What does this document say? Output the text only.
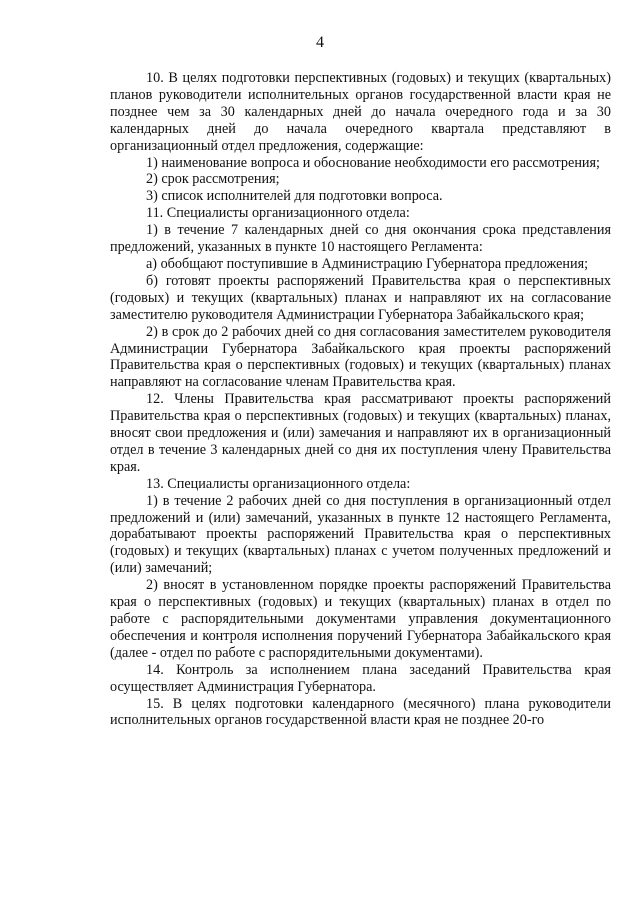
4

10. В целях подготовки перспективных (годовых) и текущих (квартальных) планов руководители исполнительных органов государственной власти края не позднее чем за 30 календарных дней до начала очередного года и за 30 календарных дней до начала очередного квартала представляют в организационный отдел предложения, содержащие:

1) наименование вопроса и обоснование необходимости его рассмотрения;

2) срок рассмотрения;

3) список исполнителей для подготовки вопроса.

11. Специалисты организационного отдела:

1) в течение 7 календарных дней со дня окончания срока представления предложений, указанных в пункте 10 настоящего Регламента:

а) обобщают поступившие в Администрацию Губернатора предложения;

б) готовят проекты распоряжений Правительства края о перспективных (годовых) и текущих (квартальных) планах и направляют их на согласование заместителю руководителя Администрации Губернатора Забайкальского края;

2) в срок до 2 рабочих дней со дня согласования заместителем руководителя Администрации Губернатора Забайкальского края проекты распоряжений Правительства края о перспективных (годовых) и текущих (квартальных) планах направляют на согласование членам Правительства края.

12. Члены Правительства края рассматривают проекты распоряжений Правительства края о перспективных (годовых) и текущих (квартальных) планах, вносят свои предложения и (или) замечания и направляют их в организационный отдел в течение 3 календарных дней со дня их поступления члену Правительства края.

13. Специалисты организационного отдела:

1) в течение 2 рабочих дней со дня поступления в организационный отдел предложений и (или) замечаний, указанных в пункте 12 настоящего Регламента, дорабатывают проекты распоряжений Правительства края о перспективных (годовых) и текущих (квартальных) планах с учетом полученных предложений и (или) замечаний;

2) вносят в установленном порядке проекты распоряжений Правительства края о перспективных (годовых) и текущих (квартальных) планах в отдел по работе с распорядительными документами управления документационного обеспечения и контроля исполнения поручений Губернатора Забайкальского края (далее - отдел по работе с распорядительными документами).

14. Контроль за исполнением плана заседаний Правительства края осуществляет Администрация Губернатора.

15. В целях подготовки календарного (месячного) плана руководители исполнительных органов государственной власти края не позднее 20-го
